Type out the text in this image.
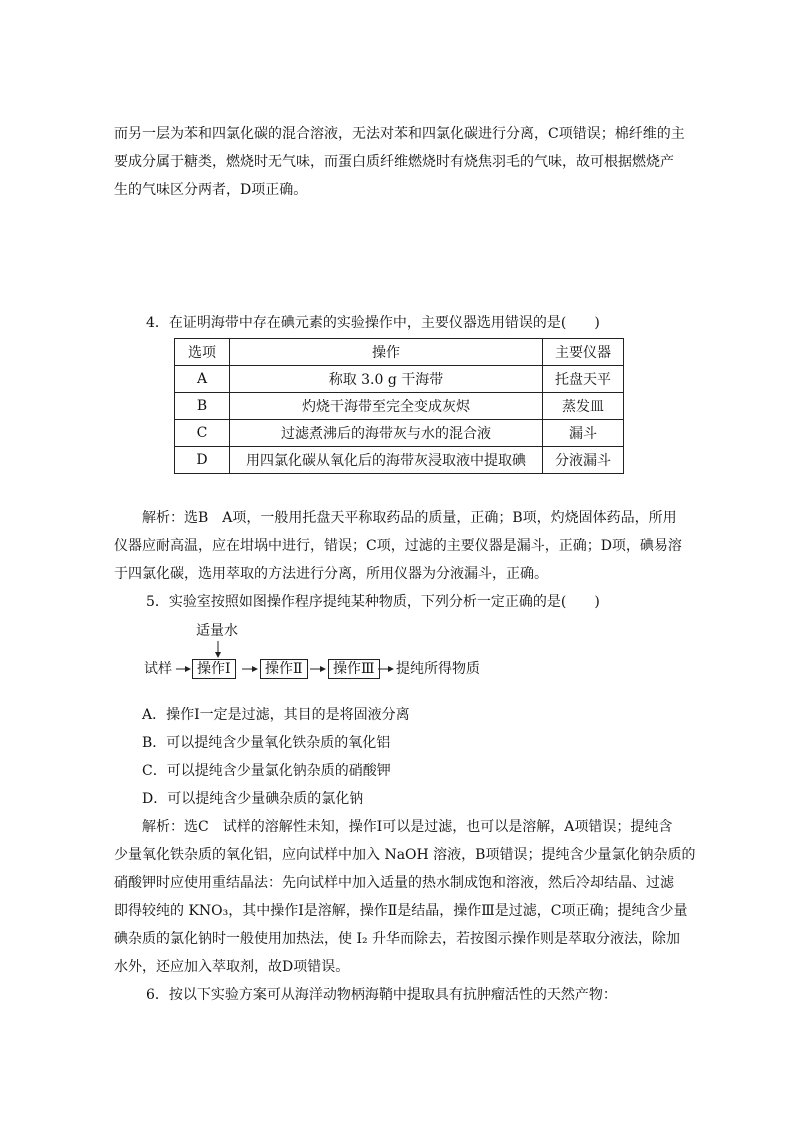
而另一层为苯和四氯化碳的混合溶液，无法对苯和四氯化碳进行分离，C项错误；棉纤维的主
要成分属于糖类，燃烧时无气味，而蛋白质纤维燃烧时有烧焦羽毛的气味，故可根据燃烧产
生的气味区分两者，D项正确。
4．在证明海带中存在碘元素的实验操作中，主要仪器选用错误的是(　　)
选项	操作	主要仪器
A	称取 3.0 g 干海带	托盘天平
B	灼烧干海带至完全变成灰烬	蒸发皿
C	过滤煮沸后的海带灰与水的混合液	漏斗
D	用四氯化碳从氧化后的海带灰浸取液中提取碘	分液漏斗
解析：选B　A项，一般用托盘天平称取药品的质量，正确；B项，灼烧固体药品，所用
仪器应耐高温，应在坩埚中进行，错误；C项，过滤的主要仪器是漏斗，正确；D项，碘易溶
于四氯化碳，选用萃取的方法进行分离，所用仪器为分液漏斗，正确。
5．实验室按照如图操作程序提纯某种物质，下列分析一定正确的是(　　)
适量水
试样	操作Ⅰ	操作Ⅱ	操作Ⅲ	提纯所得物质
A．操作Ⅰ一定是过滤，其目的是将固液分离
B．可以提纯含少量氧化铁杂质的氧化铝
C．可以提纯含少量氯化钠杂质的硝酸钾
D．可以提纯含少量碘杂质的氯化钠
解析：选C　试样的溶解性未知，操作Ⅰ可以是过滤，也可以是溶解，A项错误；提纯含
少量氧化铁杂质的氧化铝，应向试样中加入 NaOH 溶液，B项错误；提纯含少量氯化钠杂质的
硝酸钾时应使用重结晶法：先向试样中加入适量的热水制成饱和溶液，然后冷却结晶、过滤
即得较纯的 KNO₃，其中操作Ⅰ是溶解，操作Ⅱ是结晶，操作Ⅲ是过滤，C项正确；提纯含少量
碘杂质的氯化钠时一般使用加热法，使 I₂ 升华而除去，若按图示操作则是萃取分液法，除加
水外，还应加入萃取剂，故D项错误。
6．按以下实验方案可从海洋动物柄海鞘中提取具有抗肿瘤活性的天然产物：
